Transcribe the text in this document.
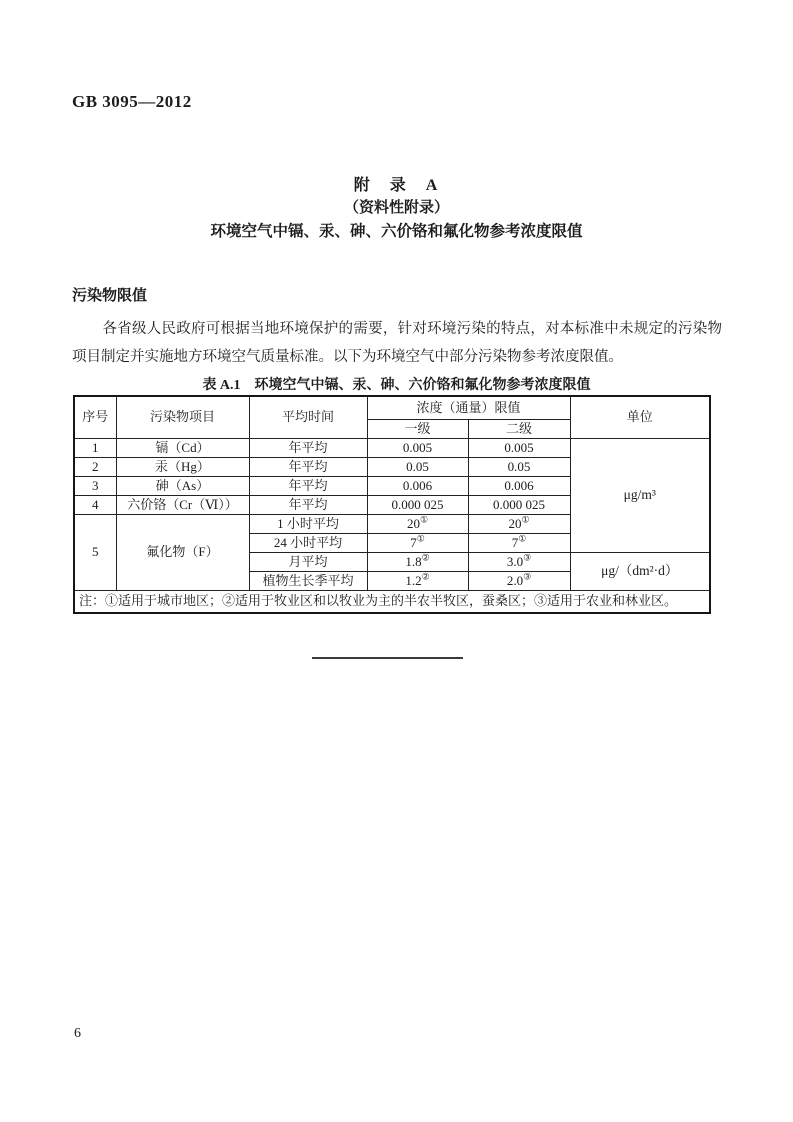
GB 3095—2012
附　录　A
（资料性附录）
环境空气中镉、汞、砷、六价铬和氟化物参考浓度限值
污染物限值
各省级人民政府可根据当地环境保护的需要，针对环境污染的特点，对本标准中未规定的污染物项目制定并实施地方环境空气质量标准。以下为环境空气中部分污染物参考浓度限值。
表 A.1　环境空气中镉、汞、砷、六价铬和氟化物参考浓度限值
序号	污染物项目	平均时间	浓度（通量）限值		单位
			一级	二级	
1	镉（Cd）	年平均	0.005	0.005	μg/m³
2	汞（Hg）	年平均	0.05	0.05	
3	砷（As）	年平均	0.006	0.006	
4	六价铬（Cr（Ⅵ））	年平均	0.000 025	0.000 025	
5	氟化物（F）	1 小时平均	20①	20①
		24 小时平均	7①	7①
		月平均	1.8②	3.0③	μg/（dm²·d）
		植物生长季平均	1.2②	2.0③
注：①适用于城市地区；②适用于牧业区和以牧业为主的半农半牧区，蚕桑区；③适用于农业和林业区。					
6
